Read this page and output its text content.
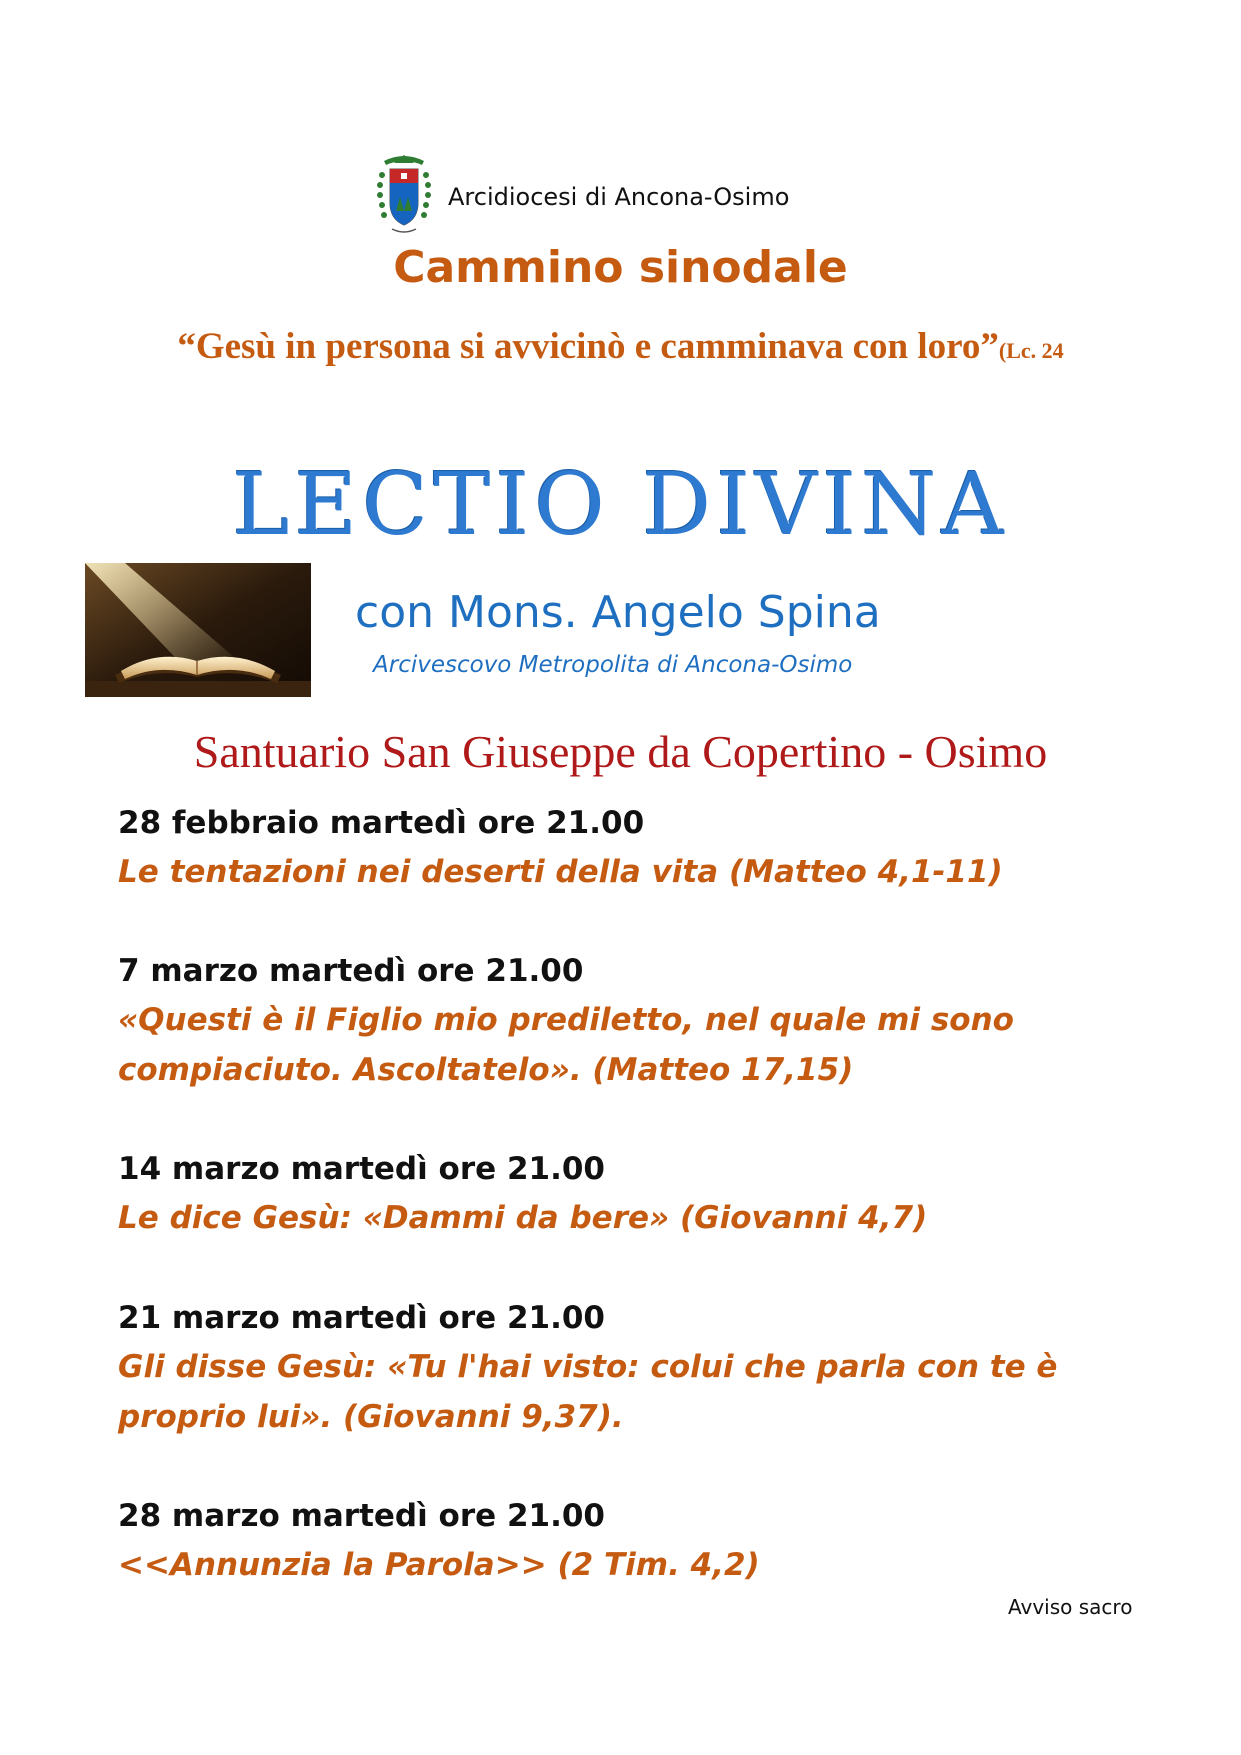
Arcidiocesi di Ancona-Osimo
Cammino sinodale
“Gesù in persona si avvicinò e camminava con loro”(Lc. 24
LECTIO DIVINA
con Mons. Angelo Spina
Arcivescovo Metropolita di Ancona-Osimo
Santuario San Giuseppe da Copertino - Osimo
28 febbraio martedì ore 21.00
Le tentazioni nei deserti della vita (Matteo 4,1-11)
7 marzo martedì ore 21.00
«Questi è il Figlio mio prediletto, nel quale mi sono compiaciuto. Ascoltatelo». (Matteo 17,15)
14 marzo martedì ore 21.00
Le dice Gesù: «Dammi da bere» (Giovanni 4,7)
21 marzo martedì ore 21.00
Gli disse Gesù: «Tu l'hai visto: colui che parla con te è proprio lui». (Giovanni 9,37).
28 marzo martedì ore 21.00
<<Annunzia la Parola>> (2 Tim. 4,2)
Avviso sacro
